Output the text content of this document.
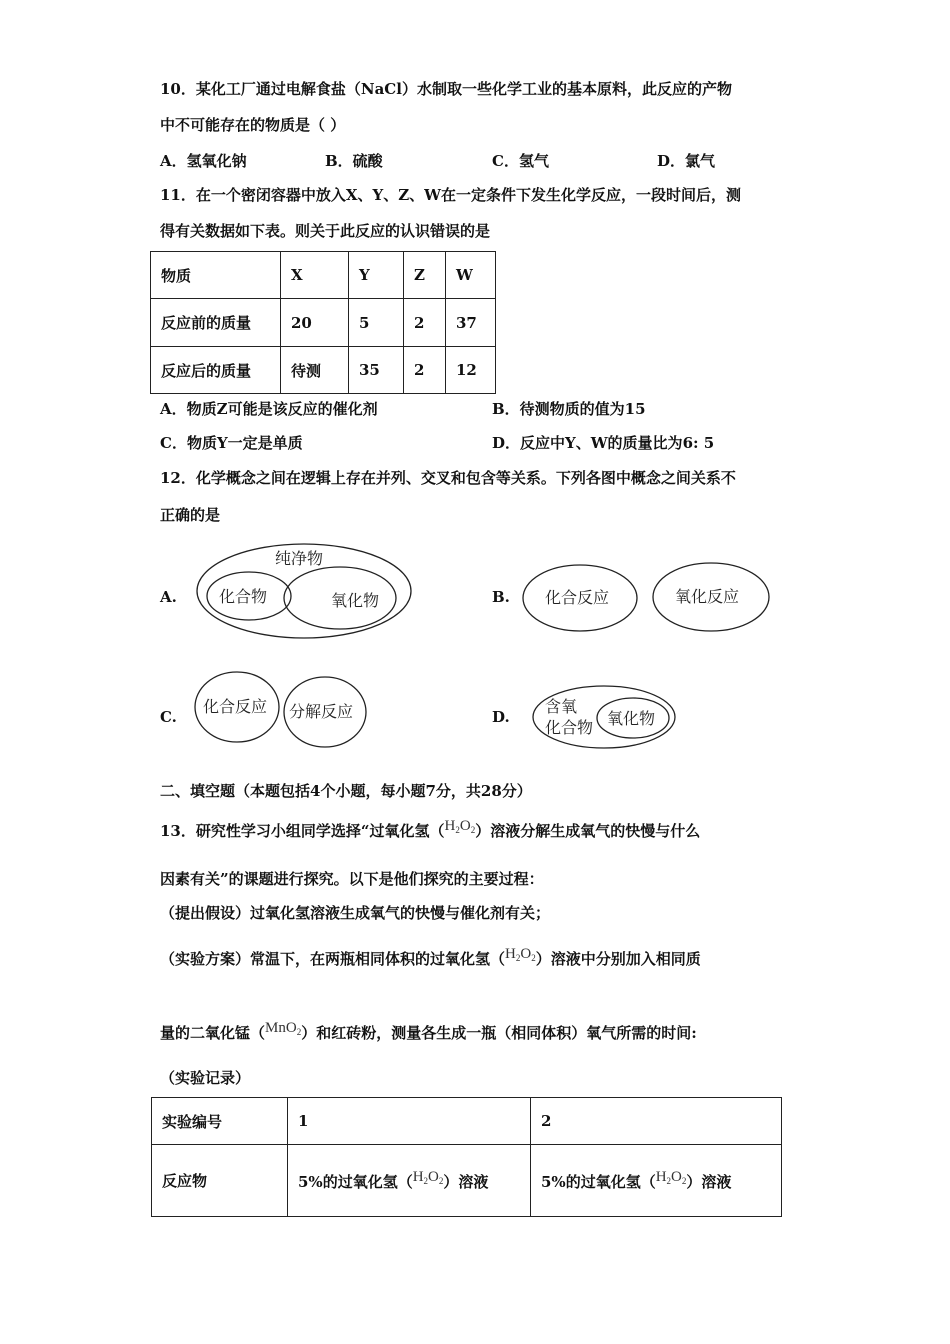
10．某化工厂通过电解食盐（NaCl）水制取一些化学工业的基本原料，此反应的产物
中不可能存在的物质是（ ）
A．氢氧化钠	B．硫酸	C．氢气	D．氯气
11．在一个密闭容器中放入X、Y、Z、W在一定条件下发生化学反应，一段时间后，测
得有关数据如下表。则关于此反应的认识错误的是
物质	X	Y	Z	W
反应前的质量	20	5	2	37
反应后的质量	待测	35	2	12
A．物质Z可能是该反应的催化剂	B．待测物质的值为15
C．物质Y一定是单质	D．反应中Y、W的质量比为6: 5
12．化学概念之间在逻辑上存在并列、交叉和包含等关系。下列各图中概念之间关系不
正确的是
A.	B.
C.	D.
纯净物
化合物	氧化物	化合反应	氧化反应
化合反应 分解反应	含氧
化合物 氧化物
二、填空题（本题包括4个小题，每小题7分，共28分）
13．研究性学习小组同学选择“过氧化氢$(H_2O_2)$溶液分解生成氧气的快慢与什么
因素有关”的课题进行探究。以下是他们探究的主要过程：
（提出假设）过氧化氢溶液生成氧气的快慢与催化剂有关；
（实验方案）常温下，在两瓶相同体积的过氧化氢$(H_2O_2)$溶液中分别加入相同质
量的二氧化锰（MnO$_2$）和红砖粉，测量各生成一瓶（相同体积）氧气所需的时间:
（实验记录）
实验编号	1	2
反应物	5%的过氧化氢$(H_2O_2)$溶液	5%的过氧化氢$(H_2O_2)$溶液
